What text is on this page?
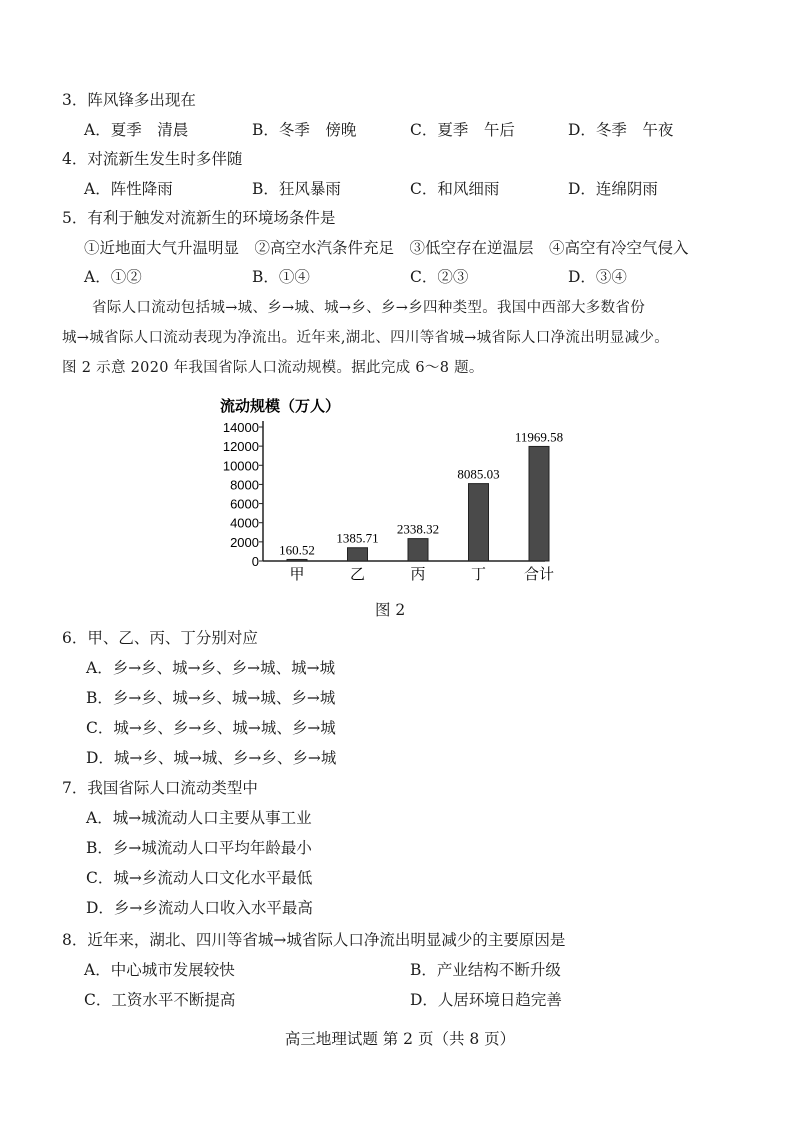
3．阵风锋多出现在
A．夏季　清晨	B．冬季　傍晚	C．夏季　午后	D．冬季　午夜
4．对流新生发生时多伴随
A．阵性降雨	B．狂风暴雨	C．和风细雨	D．连绵阴雨
5．有利于触发对流新生的环境场条件是
①近地面大气升温明显　②高空水汽条件充足　③低空存在逆温层　④高空有冷空气侵入
A．①②	B．①④	C．②③	D．③④
省际人口流动包括城→城、乡→城、城→乡、乡→乡四种类型。我国中西部大多数省份
城→城省际人口流动表现为净流出。近年来,湖北、四川等省城→城省际人口净流出明显减少。
图 2 示意 2020 年我国省际人口流动规模。据此完成 6～8 题。
流动规模（万人）
0
2000
4000
6000
8000
10000
12000
14000
160.52
甲
1385.71
乙
2338.32
丙
8085.03
丁
11969.58
合计
图 2
6．甲、乙、丙、丁分别对应
A．乡→乡、城→乡、乡→城、城→城
B．乡→乡、城→乡、城→城、乡→城
C．城→乡、乡→乡、城→城、乡→城
D．城→乡、城→城、乡→乡、乡→城
7．我国省际人口流动类型中
A．城→城流动人口主要从事工业
B．乡→城流动人口平均年龄最小
C．城→乡流动人口文化水平最低
D．乡→乡流动人口收入水平最高
8．近年来，湖北、四川等省城→城省际人口净流出明显减少的主要原因是
A．中心城市发展较快	B．产业结构不断升级
C．工资水平不断提高	D．人居环境日趋完善
高三地理试题 第 2 页（共 8 页）
